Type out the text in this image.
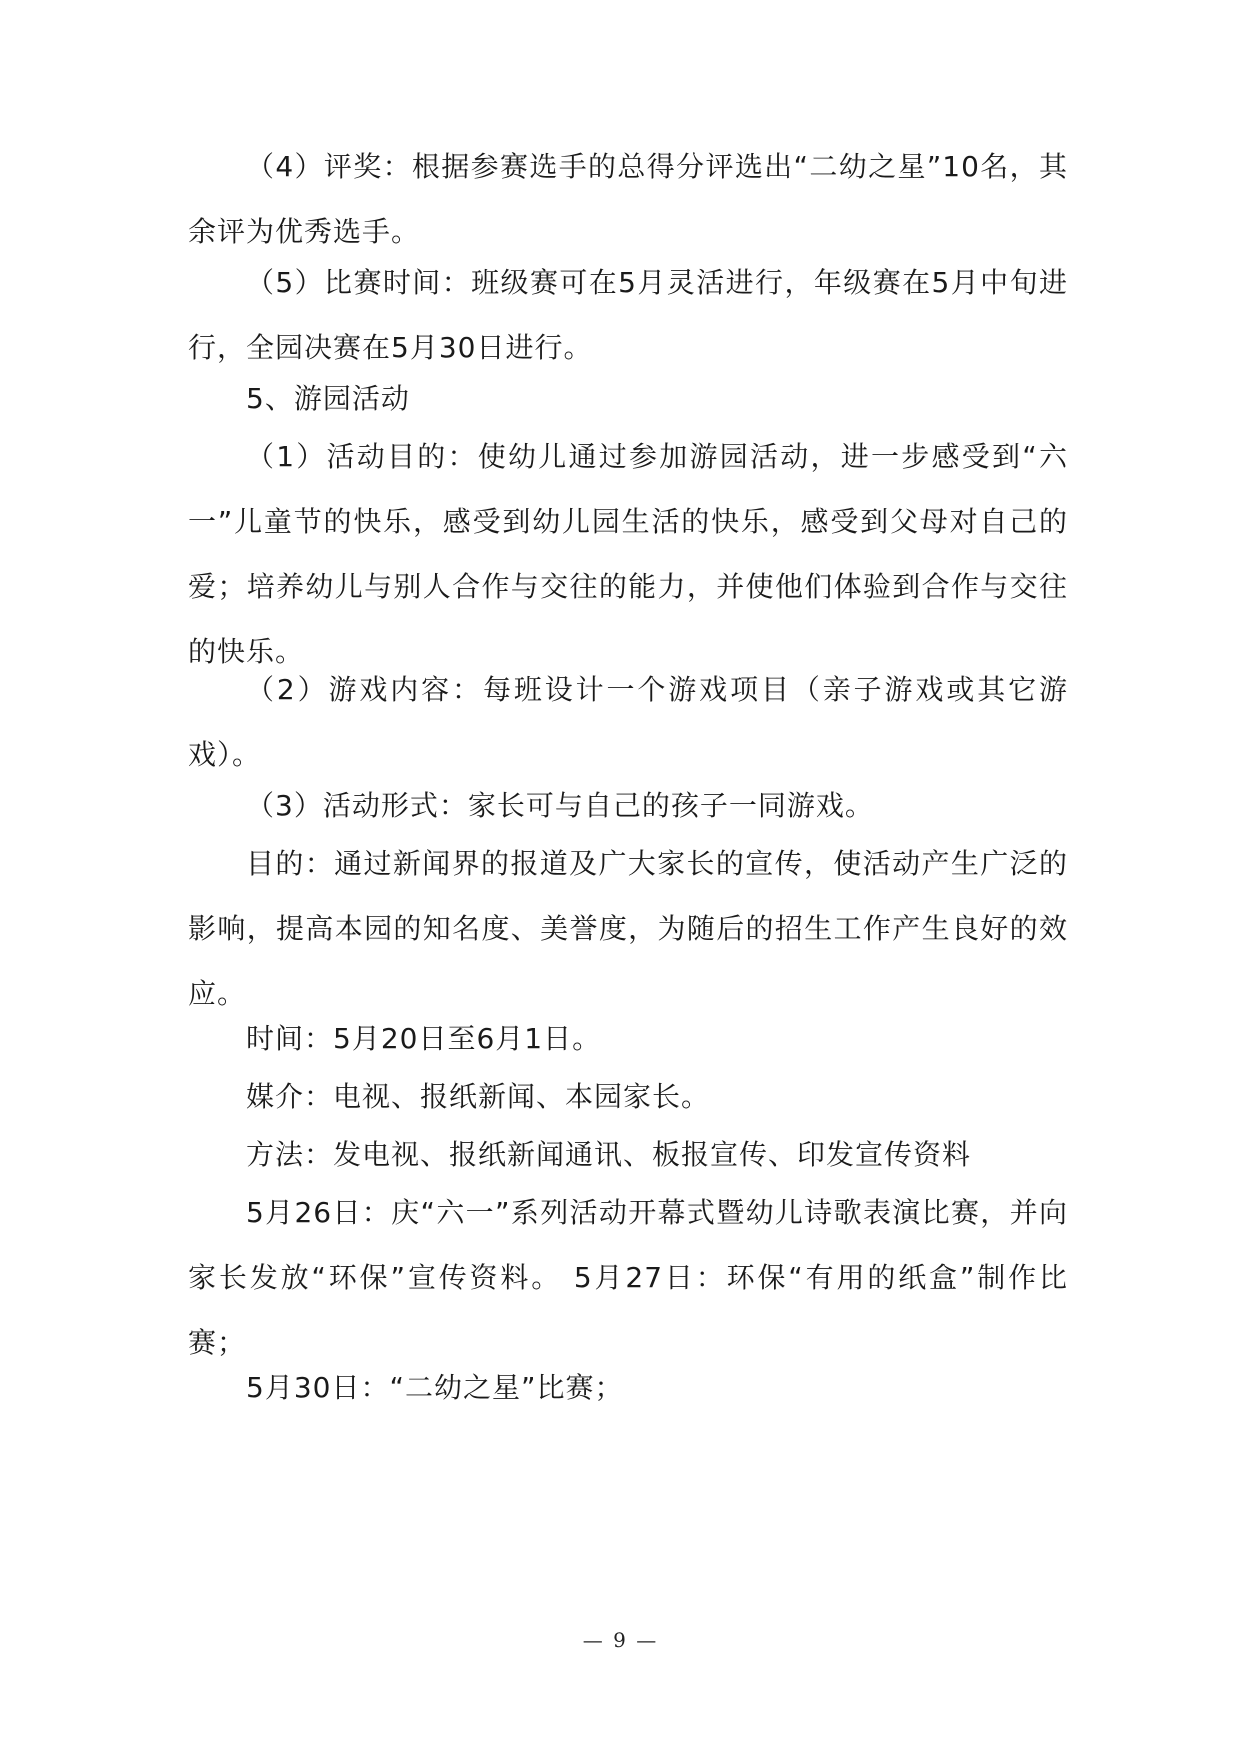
（4）评奖：根据参赛选手的总得分评选出“二幼之星”10名，其余评为优秀选手。

（5）比赛时间：班级赛可在5月灵活进行，年级赛在5月中旬进行，全园决赛在5月30日进行。

5、游园活动

（1）活动目的：使幼儿通过参加游园活动，进一步感受到“六一”儿童节的快乐，感受到幼儿园生活的快乐，感受到父母对自己的爱；培养幼儿与别人合作与交往的能力，并使他们体验到合作与交往的快乐。

（2）游戏内容：每班设计一个游戏项目（亲子游戏或其它游戏）。

（3）活动形式：家长可与自己的孩子一同游戏。

目的：通过新闻界的报道及广大家长的宣传，使活动产生广泛的影响，提高本园的知名度、美誉度，为随后的招生工作产生良好的效应。

时间：5月20日至6月1日。

媒介：电视、报纸新闻、本园家长。

方法：发电视、报纸新闻通讯、板报宣传、印发宣传资料

5月26日：庆“六一”系列活动开幕式暨幼儿诗歌表演比赛，并向家长发放“环保”宣传资料。 5月27日：环保“有用的纸盒”制作比赛；

5月30日：“二幼之星”比赛；

— 9 —
